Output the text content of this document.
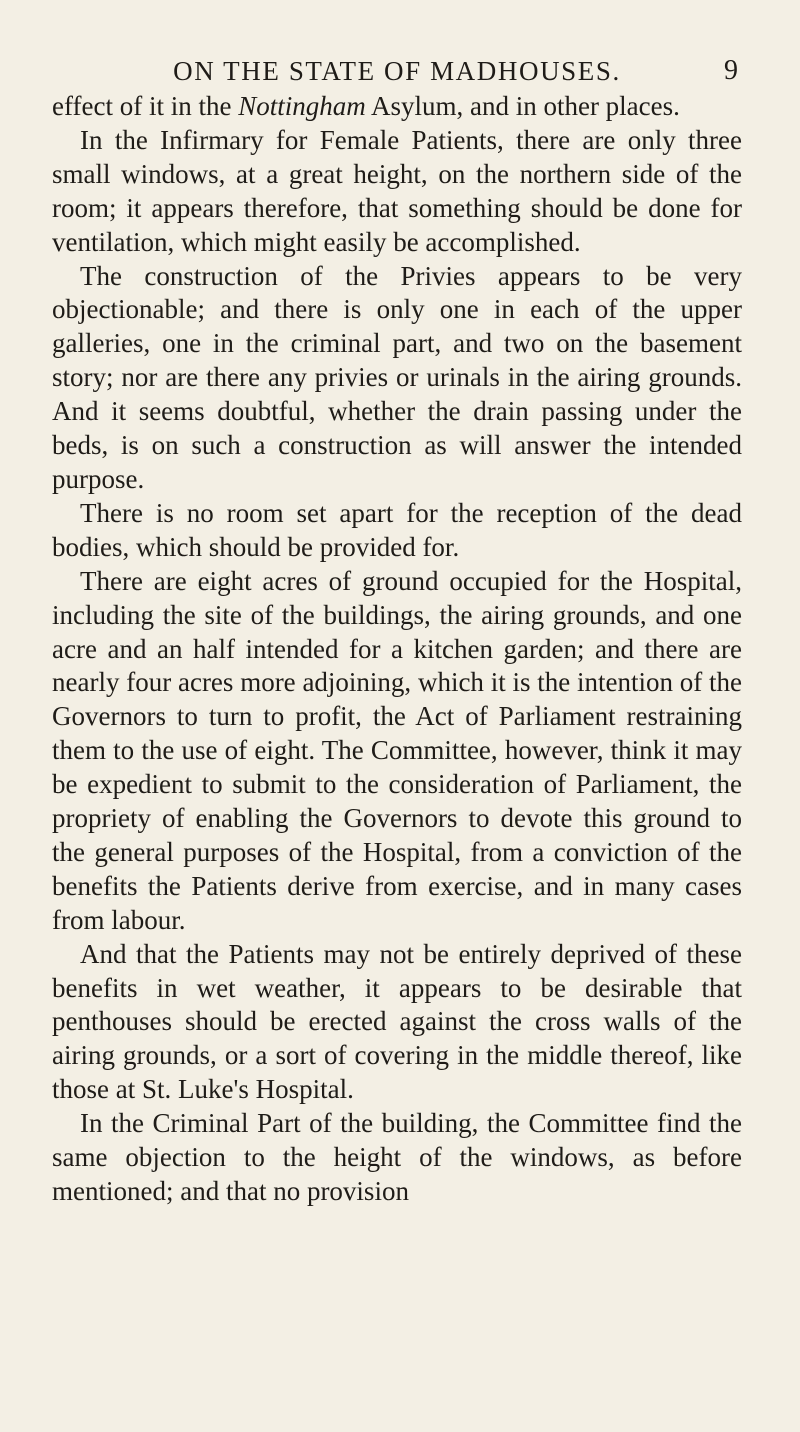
ON THE STATE OF MADHOUSES.	9

effect of it in the Nottingham Asylum, and in other places.

In the Infirmary for Female Patients, there are only three small windows, at a great height, on the northern side of the room; it appears therefore, that something should be done for ventilation, which might easily be accomplished.

The construction of the Privies appears to be very objectionable; and there is only one in each of the upper galleries, one in the criminal part, and two on the basement story; nor are there any privies or urinals in the airing grounds. And it seems doubtful, whether the drain passing under the beds, is on such a construction as will answer the intended purpose.

There is no room set apart for the reception of the dead bodies, which should be provided for.

There are eight acres of ground occupied for the Hospital, including the site of the buildings, the airing grounds, and one acre and an half intended for a kitchen garden; and there are nearly four acres more adjoining, which it is the intention of the Governors to turn to profit, the Act of Parliament restraining them to the use of eight. The Committee, however, think it may be expedient to submit to the consideration of Parliament, the propriety of enabling the Governors to devote this ground to the general purposes of the Hospital, from a conviction of the benefits the Patients derive from exercise, and in many cases from labour.

And that the Patients may not be entirely deprived of these benefits in wet weather, it appears to be desirable that penthouses should be erected against the cross walls of the airing grounds, or a sort of covering in the middle thereof, like those at St. Luke's Hospital.

In the Criminal Part of the building, the Committee find the same objection to the height of the windows, as before mentioned; and that no provision
